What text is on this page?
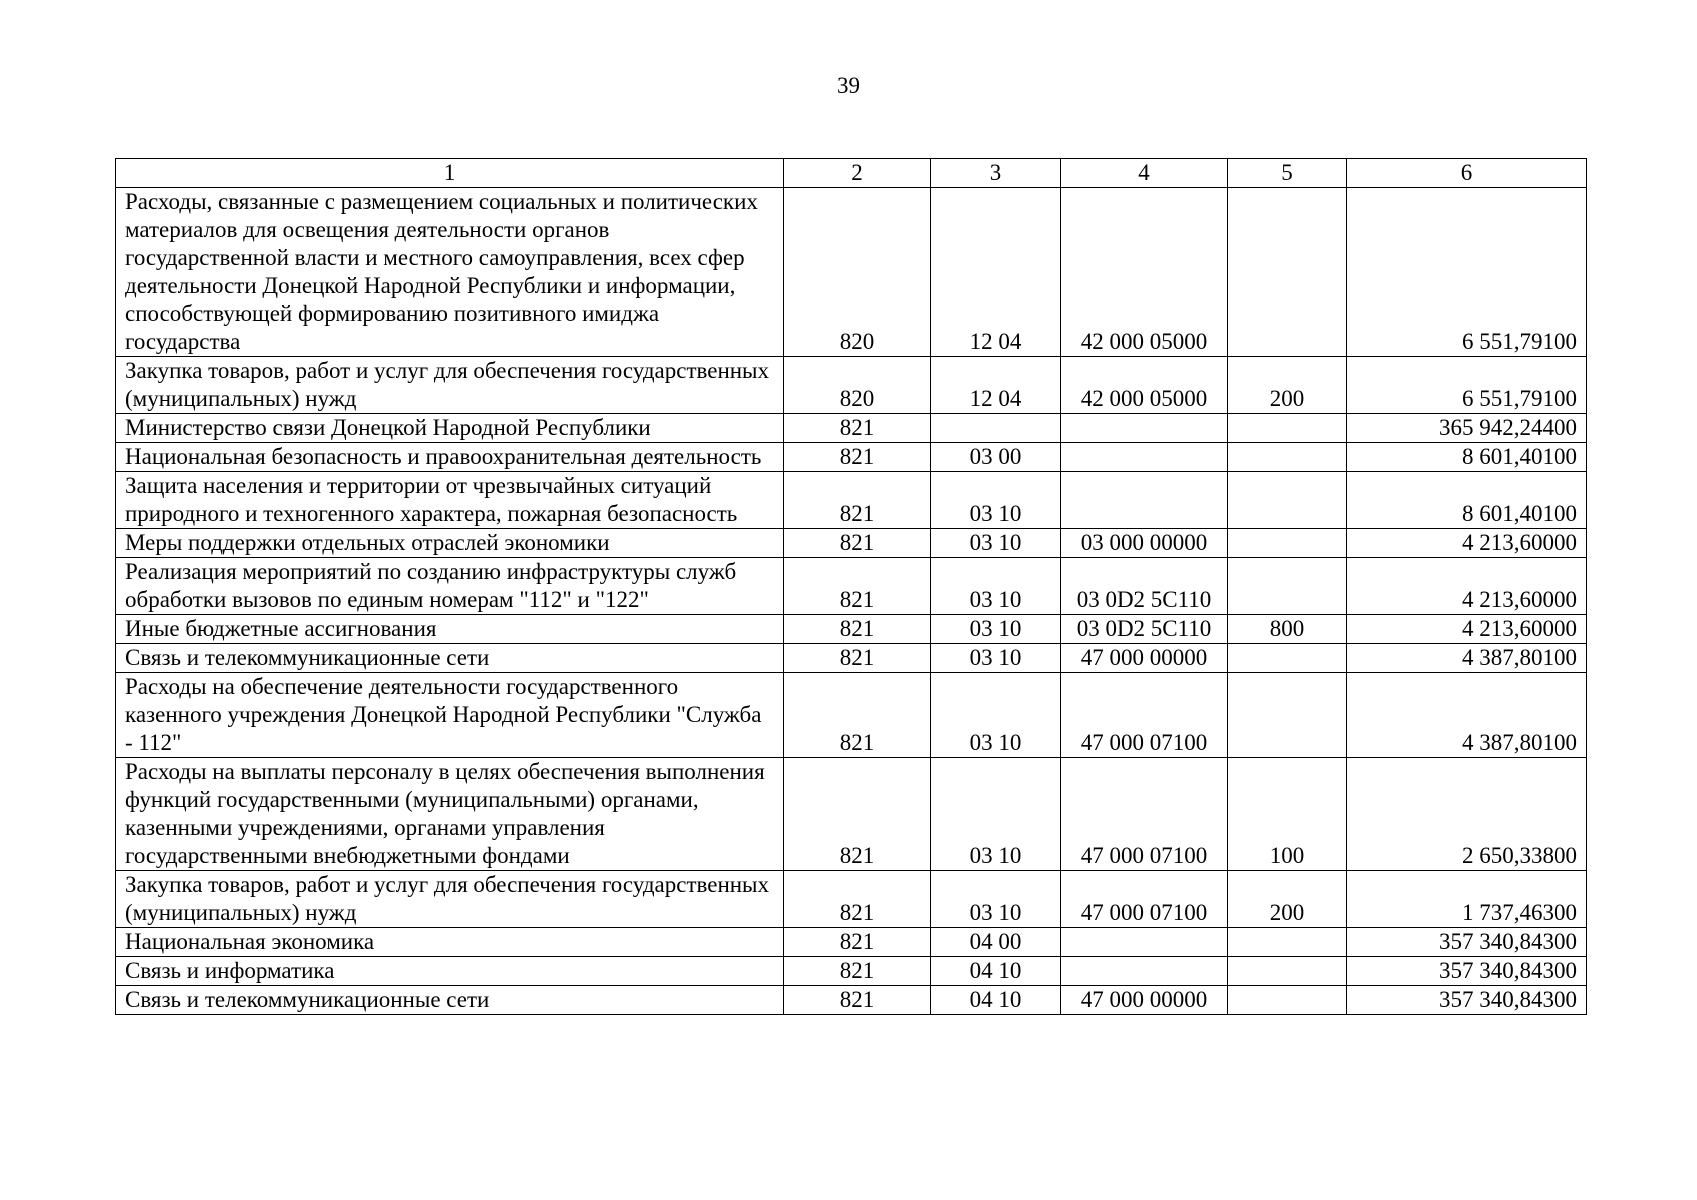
39
1	2	3	4	5	6
Расходы, связанные с размещением социальных и политических материалов для освещения деятельности органов государственной власти и местного самоуправления, всех сфер деятельности Донецкой Народной Республики и информации, способствующей формированию позитивного имиджа государства	820	12 04	42 000 05000		6 551,79100
Закупка товаров, работ и услуг для обеспечения государственных (муниципальных) нужд	820	12 04	42 000 05000	200	6 551,79100
Министерство связи Донецкой Народной Республики	821				365 942,24400
Национальная безопасность и правоохранительная деятельность	821	03 00			8 601,40100
Защита населения и территории от чрезвычайных ситуаций природного и техногенного характера, пожарная безопасность	821	03 10			8 601,40100
Меры поддержки отдельных отраслей экономики	821	03 10	03 000 00000		4 213,60000
Реализация мероприятий по созданию инфраструктуры служб обработки вызовов по единым номерам "112" и "122"	821	03 10	03 0D2 5C110		4 213,60000
Иные бюджетные ассигнования	821	03 10	03 0D2 5C110	800	4 213,60000
Связь и телекоммуникационные сети	821	03 10	47 000 00000		4 387,80100
Расходы на обеспечение деятельности государственного казенного учреждения Донецкой Народной Республики "Служба - 112"	821	03 10	47 000 07100		4 387,80100
Расходы на выплаты персоналу в целях обеспечения выполнения функций государственными (муниципальными) органами, казенными учреждениями, органами управления государственными внебюджетными фондами	821	03 10	47 000 07100	100	2 650,33800
Закупка товаров, работ и услуг для обеспечения государственных (муниципальных) нужд	821	03 10	47 000 07100	200	1 737,46300
Национальная экономика	821	04 00			357 340,84300
Связь и информатика	821	04 10			357 340,84300
Связь и телекоммуникационные сети	821	04 10	47 000 00000		357 340,84300
